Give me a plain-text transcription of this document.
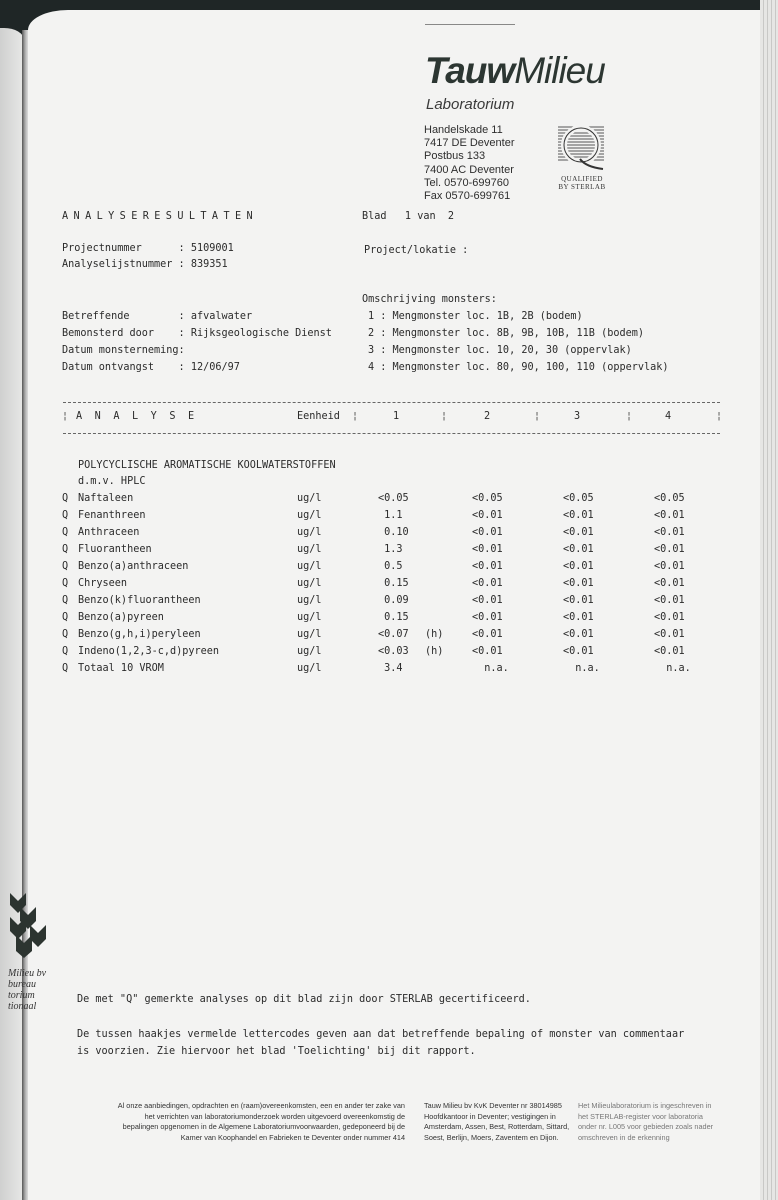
TauwMilieu
Laboratorium
Handelskade 11
7417 DE Deventer
Postbus 133
7400 AC Deventer
Tel. 0570-699760
Fax 0570-699761
QUALIFIED
BY STERLAB
ANALYSERESULTATEN	Blad   1 van  2
Projectnummer      : 5109001	Project/lokatie :
Analyselijstnummer : 839351
Omschrijving monsters:
Betreffende        : afvalwater
Bemonsterd door    : Rijksgeologische Dienst
Datum monsterneming:
Datum ontvangst    : 12/06/97
1 : Mengmonster loc. 1B, 2B (bodem)
2 : Mengmonster loc. 8B, 9B, 10B, 11B (bodem)
3 : Mengmonster loc. 10, 20, 30 (oppervlak)
4 : Mengmonster loc. 80, 90, 100, 110 (oppervlak)
¦ A N A L Y S E	Eenheid ¦	1	¦	2	¦	3	¦	4	¦
POLYCYCLISCHE AROMATISCHE KOOLWATERSTOFFEN
d.m.v. HPLC
Q Naftaleen	ug/l	<0.05	<0.05	<0.05	<0.05
Q Fenanthreen	ug/l	1.1	<0.01	<0.01	<0.01
Q Anthraceen	ug/l	0.10	<0.01	<0.01	<0.01
Q Fluorantheen	ug/l	1.3	<0.01	<0.01	<0.01
Q Benzo(a)anthraceen	ug/l	0.5	<0.01	<0.01	<0.01
Q Chryseen	ug/l	0.15	<0.01	<0.01	<0.01
Q Benzo(k)fluorantheen	ug/l	0.09	<0.01	<0.01	<0.01
Q Benzo(a)pyreen	ug/l	0.15	<0.01	<0.01	<0.01
Q Benzo(g,h,i)peryleen	ug/l	<0.07 (h)	<0.01	<0.01	<0.01
Q Indeno(1,2,3-c,d)pyreen	ug/l	<0.03 (h)	<0.01	<0.01	<0.01
Q Totaal 10 VROM	ug/l	3.4	n.a.	n.a.	n.a.
Milieu bv
bureau
torium
tionaal
De met "Q" gemerkte analyses op dit blad zijn door STERLAB gecertificeerd.
De tussen haakjes vermelde lettercodes geven aan dat betreffende bepaling of monster van commentaar
is voorzien. Zie hiervoor het blad 'Toelichting' bij dit rapport.
Al onze aanbiedingen, opdrachten en (raam)overeenkomsten, een en ander ter zake van het verrichten van laboratoriumonderzoek worden uitgevoerd overeenkomstig de bepalingen opgenomen in de Algemene Laboratoriumvoorwaarden, gedeponeerd bij de Kamer van Koophandel en Fabrieken te Deventer onder nummer 414
Tauw Milieu bv KvK Deventer nr 38014985 Hoofdkantoor in Deventer; vestigingen in Amsterdam, Assen, Best, Rotterdam, Sittard, Soest, Berlijn, Moers, Zaventem en Dijon.
Het Milieulaboratorium is ingeschreven in het STERLAB-register voor laboratoria onder nr. L005 voor gebieden zoals nader omschreven in de erkenning
